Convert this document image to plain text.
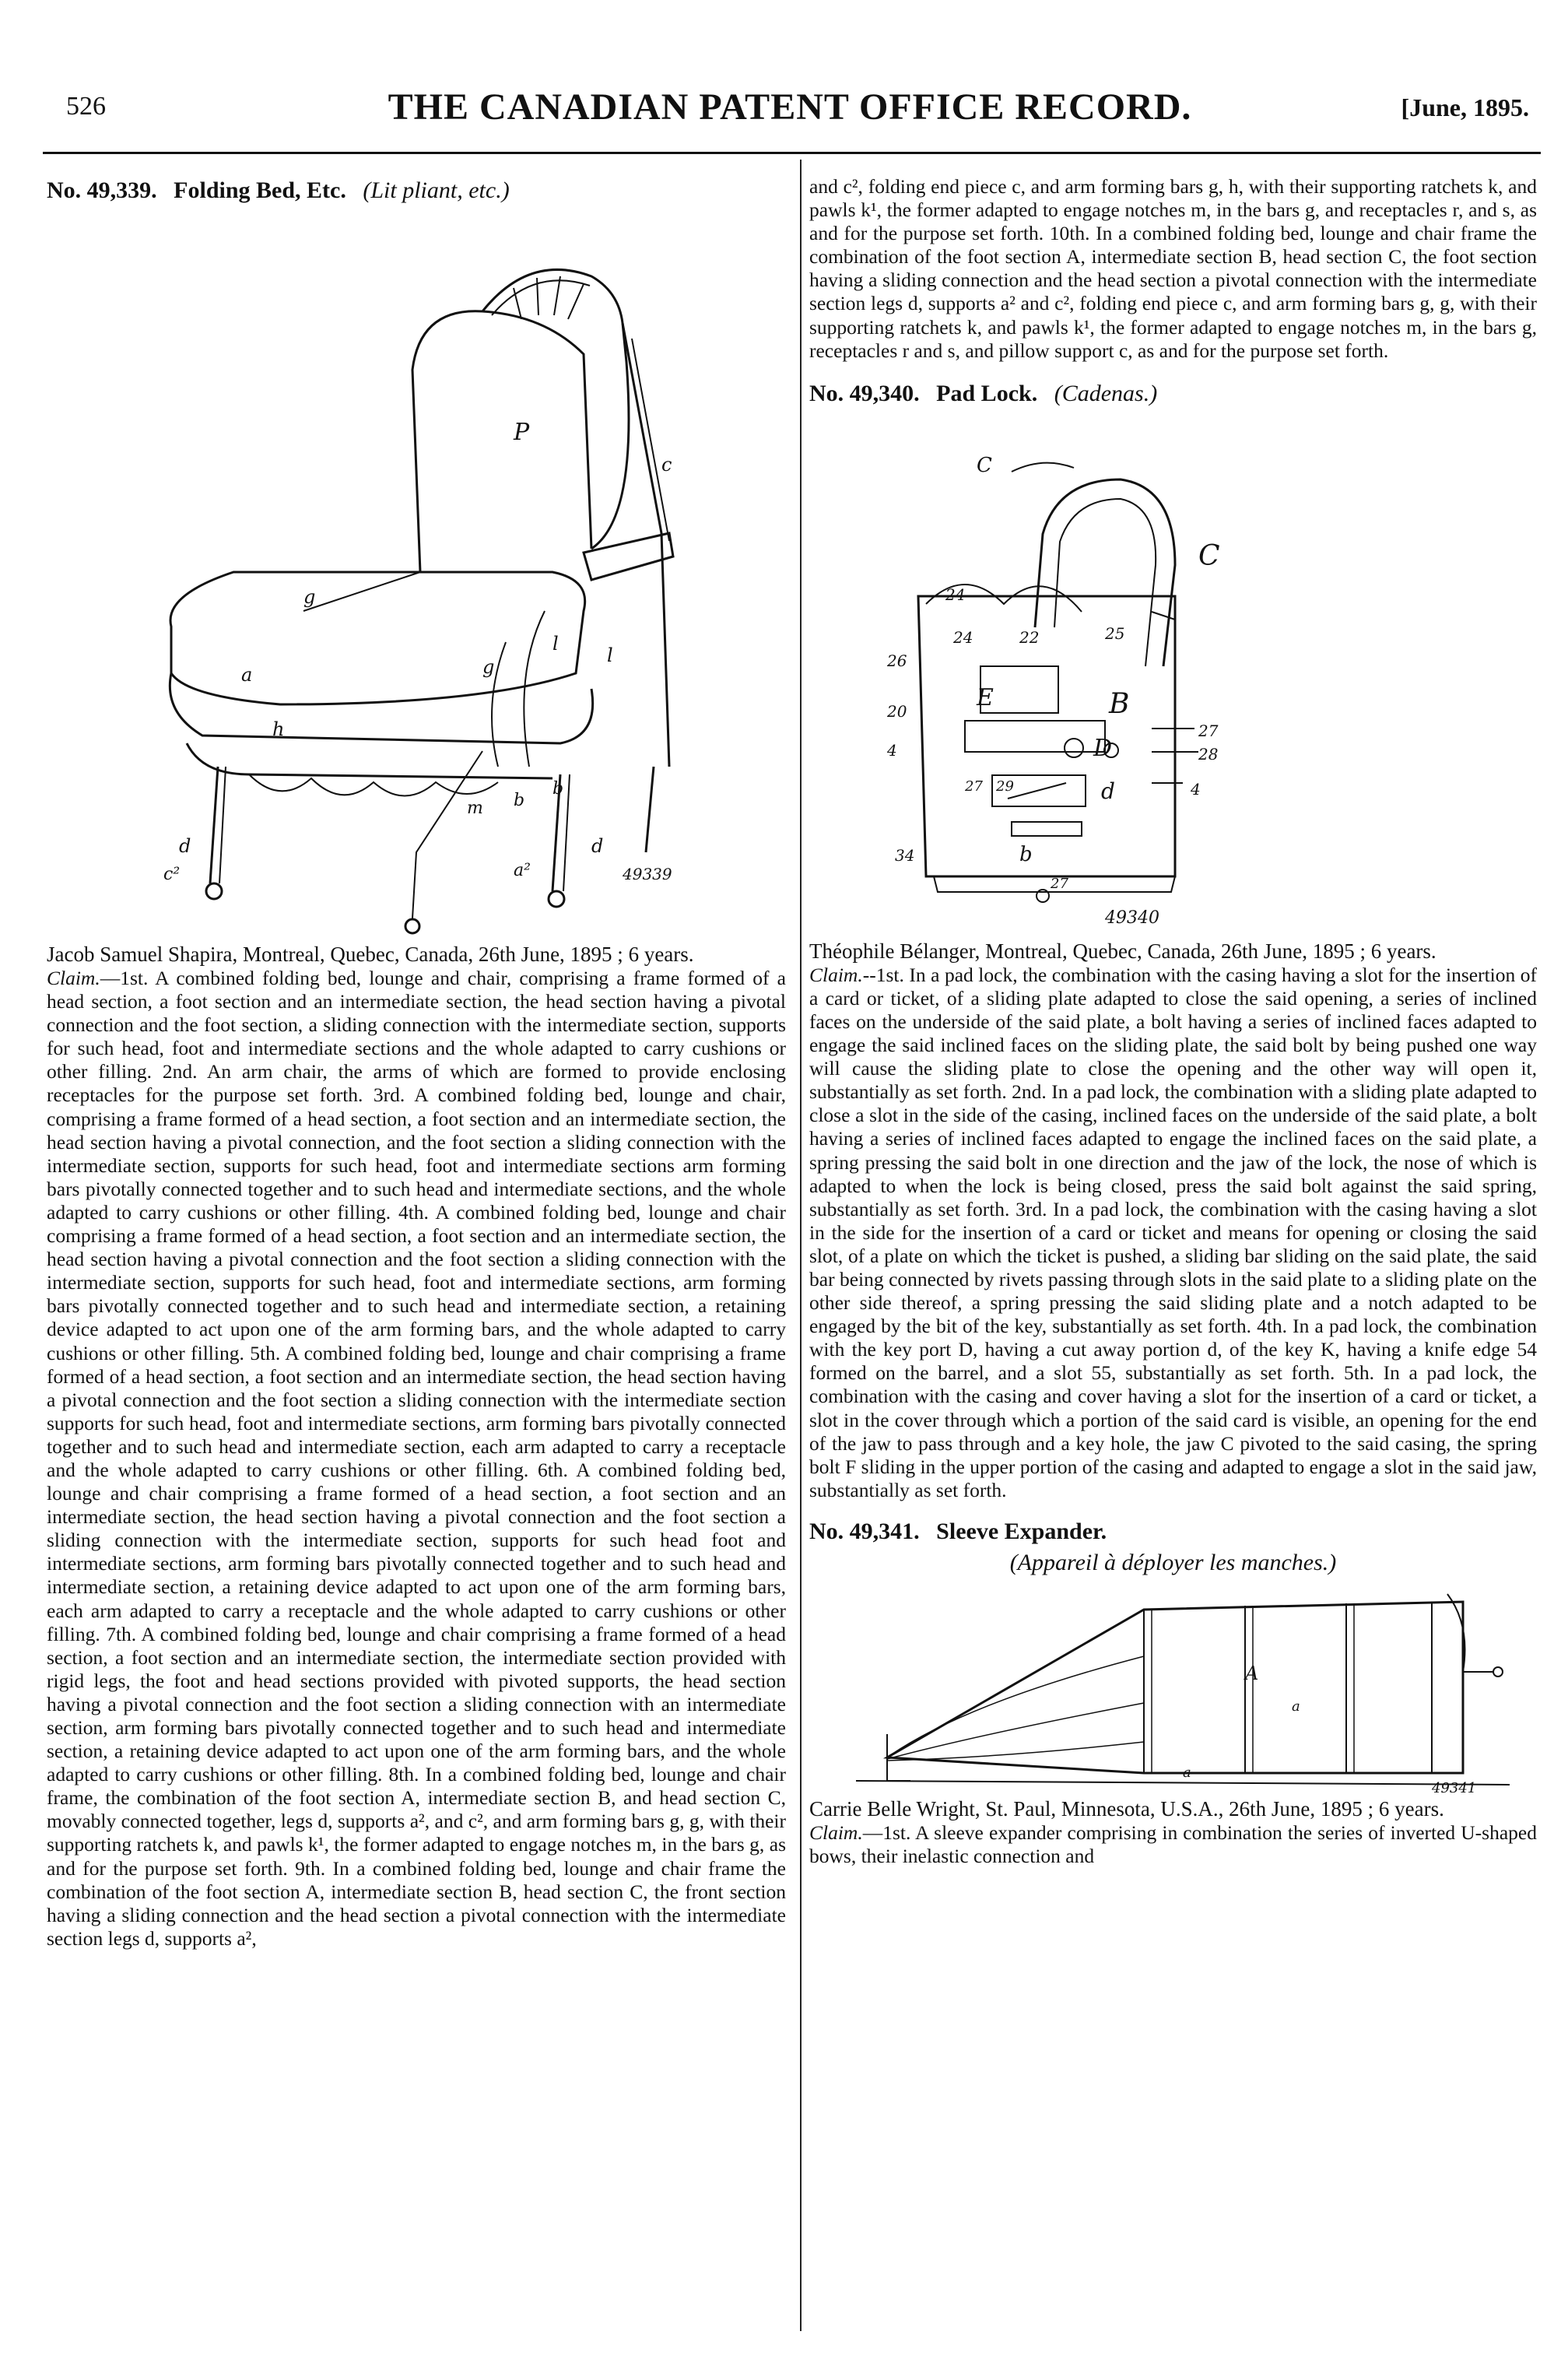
526	THE CANADIAN PATENT OFFICE RECORD.	[June, 1895.

No. 49,339. Folding Bed, Etc. (Lit pliant, etc.)

P
c
g
g
l
l
a
h
m b
b
d	d
c²	a²	49339

Jacob Samuel Shapira, Montreal, Quebec, Canada, 26th June, 1895 ; 6 years.

Claim.—1st. A combined folding bed, lounge and chair, comprising a frame formed of a head section, a foot section and an intermediate section, the head section having a pivotal connection and the foot section, a sliding connection with the intermediate section, supports for such head, foot and intermediate sections and the whole adapted to carry cushions or other filling. 2nd. An arm chair, the arms of which are formed to provide enclosing receptacles for the purpose set forth. 3rd. A combined folding bed, lounge and chair, comprising a frame formed of a head section, a foot section and an intermediate section, the head section having a pivotal connection, and the foot section a sliding connection with the intermediate section, supports for such head, foot and intermediate sections arm forming bars pivotally connected together and to such head and intermediate sections, and the whole adapted to carry cushions or other filling. 4th. A combined folding bed, lounge and chair comprising a frame formed of a head section, a foot section and an intermediate section, the head section having a pivotal connection and the foot section a sliding connection with the intermediate section, supports for such head, foot and intermediate sections, arm forming bars pivotally connected together and to such head and intermediate section, a retaining device adapted to act upon one of the arm forming bars, and the whole adapted to carry cushions or other filling. 5th. A combined folding bed, lounge and chair comprising a frame formed of a head section, a foot section and an intermediate section, the head section having a pivotal connection and the foot section a sliding connection with the intermediate section supports for such head, foot and intermediate sections, arm forming bars pivotally connected together and to such head and intermediate section, each arm adapted to carry a receptacle and the whole adapted to carry cushions or other filling. 6th. A combined folding bed, lounge and chair comprising a frame formed of a head section, a foot section and an intermediate section, the head section having a pivotal connection and the foot section a sliding connection with the intermediate section, supports for such head foot and intermediate sections, arm forming bars pivotally connected together and to such head and intermediate section, a retaining device adapted to act upon one of the arm forming bars, each arm adapted to carry a receptacle and the whole adapted to carry cushions or other filling. 7th. A combined folding bed, lounge and chair comprising a frame formed of a head section, a foot section and an intermediate section, the intermediate section provided with rigid legs, the foot and head sections provided with pivoted supports, the head section having a pivotal connection and the foot section a sliding connection with an intermediate section, arm forming bars pivotally connected together and to such head and intermediate section, a retaining device adapted to act upon one of the arm forming bars, and the whole adapted to carry cushions or other filling. 8th. In a combined folding bed, lounge and chair frame, the combination of the foot section A, intermediate section B, and head section C, movably connected together, legs d, supports a², and c², and arm forming bars g, g, with their supporting ratchets k, and pawls k¹, the former adapted to engage notches m, in the bars g, as and for the purpose set forth. 9th. In a combined folding bed, lounge and chair frame the combination of the foot section A, intermediate section B, head section C, the front section having a sliding connection and the head section a pivotal connection with the intermediate section legs d, supports a²,

and c², folding end piece c, and arm forming bars g, h, with their supporting ratchets k, and pawls k¹, the former adapted to engage notches m, in the bars g, and receptacles r, and s, as and for the purpose set forth. 10th. In a combined folding bed, lounge and chair frame the combination of the foot section A, intermediate section B, head section C, the foot section having a sliding connection and the head section a pivotal connection with the intermediate section legs d, supports a² and c², folding end piece c, and arm forming bars g, g, with their supporting ratchets k, and pawls k¹, the former adapted to engage notches m, in the bars g, receptacles r and s, and pillow support c, as and for the purpose set forth.

No. 49,340. Pad Lock. (Cadenas.)

C
C
24
24	22	25
26
20	E	B
D
27
28
4
4
27 29	d
b
34
27
49340

Théophile Bélanger, Montreal, Quebec, Canada, 26th June, 1895 ; 6 years.

Claim.--1st. In a pad lock, the combination with the casing having a slot for the insertion of a card or ticket, of a sliding plate adapted to close the said opening, a series of inclined faces on the underside of the said plate, a bolt having a series of inclined faces adapted to engage the said inclined faces on the sliding plate, the said bolt by being pushed one way will cause the sliding plate to close the opening and the other way will open it, substantially as set forth. 2nd. In a pad lock, the combination with a sliding plate adapted to close a slot in the side of the casing, inclined faces on the underside of the said plate, a bolt having a series of inclined faces adapted to engage the inclined faces on the said plate, a spring pressing the said bolt in one direction and the jaw of the lock, the nose of which is adapted to when the lock is being closed, press the said bolt against the said spring, substantially as set forth. 3rd. In a pad lock, the combination with the casing having a slot in the side for the insertion of a card or ticket and means for opening or closing the said slot, of a plate on which the ticket is pushed, a sliding bar sliding on the said plate, the said bar being connected by rivets passing through slots in the said plate to a sliding plate on the other side thereof, a spring pressing the said sliding plate and a notch adapted to be engaged by the bit of the key, substantially as set forth. 4th. In a pad lock, the combination with the key port D, having a cut away portion d, of the key K, having a knife edge 54 formed on the barrel, and a slot 55, substantially as set forth. 5th. In a pad lock, the combination with the casing and cover having a slot for the insertion of a card or ticket, a slot in the cover through which a portion of the said card is visible, an opening for the end of the jaw to pass through and a key hole, the jaw C pivoted to the said casing, the spring bolt F sliding in the upper portion of the casing and adapted to engage a slot in the said jaw, substantially as set forth.

No. 49,341. Sleeve Expander.

(Appareil à déployer les manches.)

A
a
a
49341

Carrie Belle Wright, St. Paul, Minnesota, U.S.A., 26th June, 1895 ; 6 years.

Claim.—1st. A sleeve expander comprising in combination the series of inverted U-shaped bows, their inelastic connection and
